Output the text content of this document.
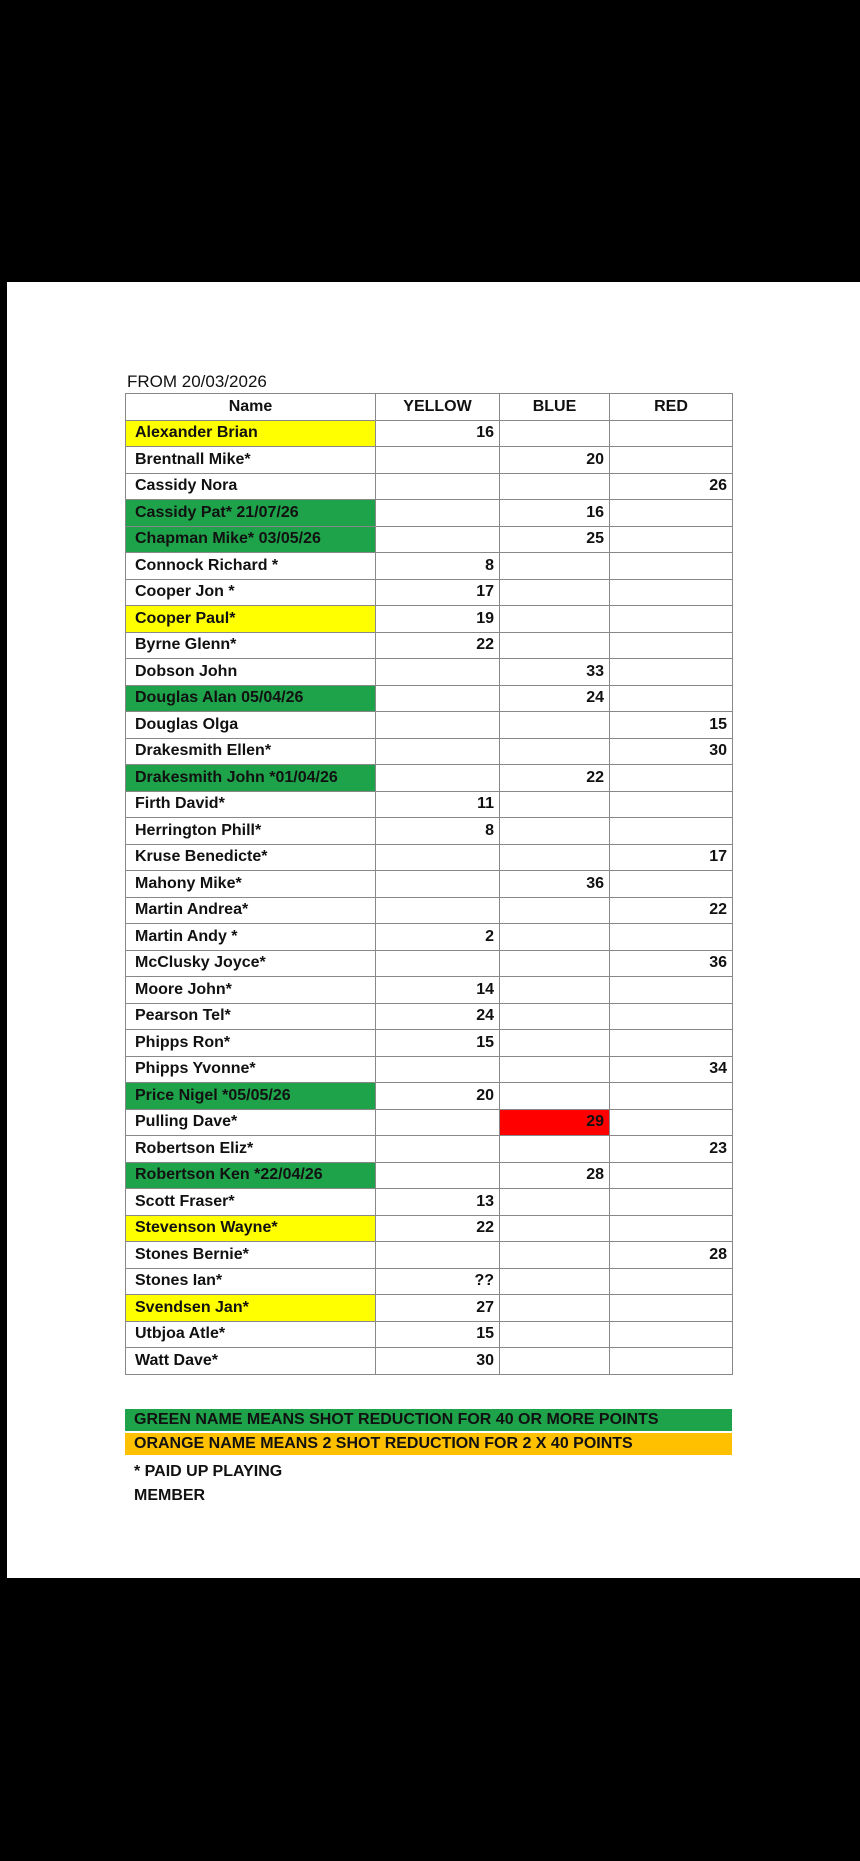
FROM 20/03/2026
Name	YELLOW	BLUE	RED
Alexander Brian	16		
Brentnall Mike*		20	
Cassidy Nora			26
Cassidy Pat* 21/07/26		16	
Chapman Mike* 03/05/26		25	
Connock Richard *	8		
Cooper Jon *	17		
Cooper Paul*	19		
Byrne Glenn*	22		
Dobson John		33	
Douglas Alan 05/04/26		24	
Douglas Olga			15
Drakesmith Ellen*			30
Drakesmith John *01/04/26		22	
Firth David*	11		
Herrington Phill*	8		
Kruse Benedicte*			17
Mahony Mike*		36	
Martin Andrea*			22
Martin Andy *	2		
McClusky Joyce*			36
Moore John*	14		
Pearson Tel*	24		
Phipps Ron*	15		
Phipps Yvonne*			34
Price Nigel *05/05/26	20		
Pulling Dave*		29	
Robertson Eliz*			23
Robertson Ken *22/04/26		28	
Scott Fraser*	13		
Stevenson Wayne*	22		
Stones Bernie*			28
Stones Ian*	??		
Svendsen Jan*	27		
Utbjoa Atle*	15		
Watt Dave*	30		
GREEN NAME MEANS SHOT REDUCTION FOR 40 OR MORE POINTS
ORANGE NAME MEANS 2 SHOT REDUCTION FOR 2 X 40 POINTS
* PAID UP PLAYING
MEMBER
